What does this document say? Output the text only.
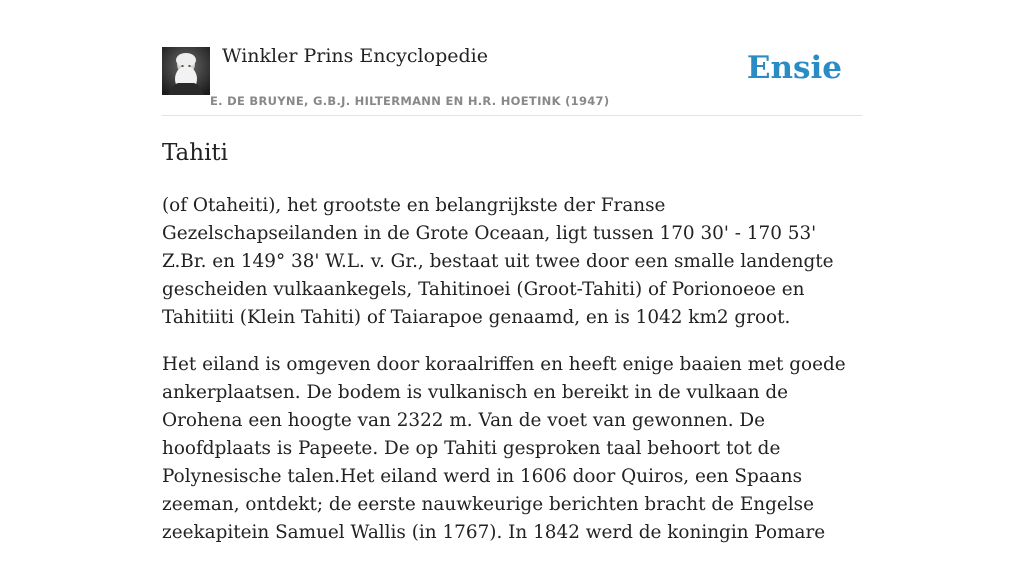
Winkler Prins Encyclopedie
E. DE BRUYNE, G.B.J. HILTERMANN EN H.R. HOETINK (1947)
Ensie
Tahiti

(of Otaheiti), het grootste en belangrijkste der Franse Gezelschapseilanden in de Grote Oceaan, ligt tussen 170 30' - 170 53' Z.Br. en 149° 38' W.L. v. Gr., bestaat uit twee door een smalle landengte gescheiden vulkaankegels, Tahitinoei (Groot-Tahiti) of Porionoeoe en Tahitiiti (Klein Tahiti) of Taiarapoe genaamd, en is 1042 km2 groot.

Het eiland is omgeven door koraalriffen en heeft enige baaien met goede ankerplaatsen. De bodem is vulkanisch en bereikt in de vulkaan de Orohena een hoogte van 2322 m. Van de voet van gewonnen. De hoofdplaats is Papeete. De op Tahiti gesproken taal behoort tot de Polynesische talen.Het eiland werd in 1606 door Quiros, een Spaans zeeman, ontdekt; de eerste nauwkeurige berichten bracht de Engelse zeekapitein Samuel Wallis (in 1767). In 1842 werd de koningin Pomare
